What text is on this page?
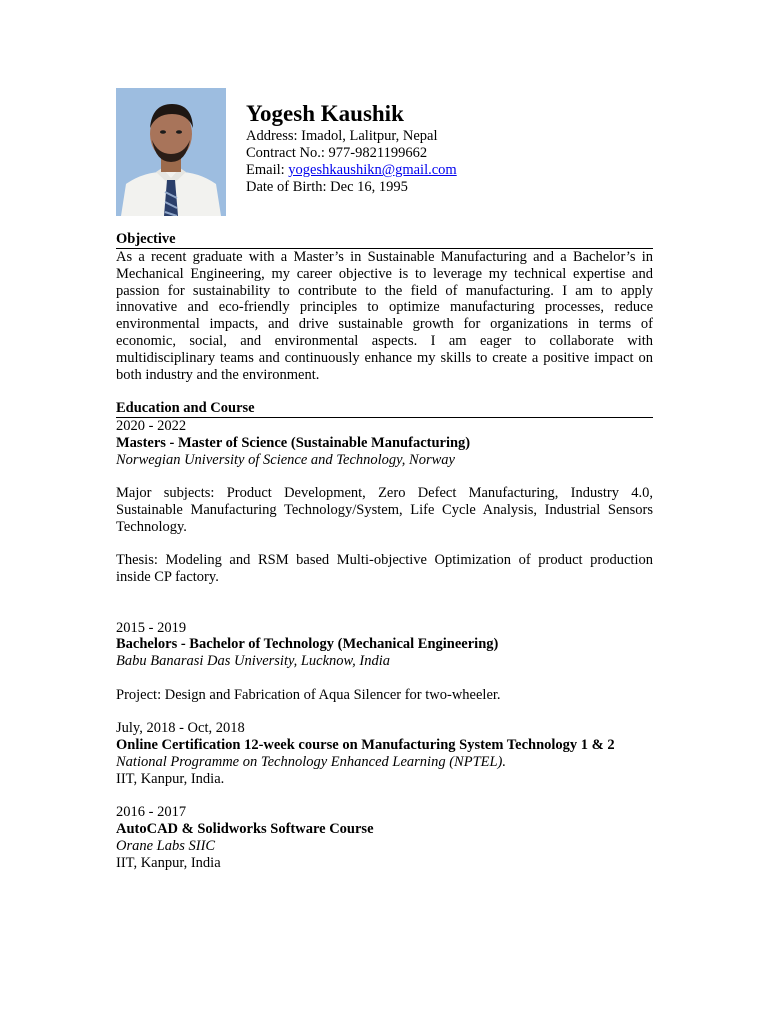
Yogesh Kaushik

Address: Imadol, Lalitpur, Nepal

Contract No.: 977-9821199662

Email: yogeshkaushikn@gmail.com

Date of Birth: Dec 16, 1995

Objective

As a recent graduate with a Master’s in Sustainable Manufacturing and a Bachelor’s in Mechanical Engineering, my career objective is to leverage my technical expertise and passion for sustainability to contribute to the field of manufacturing. I am to apply innovative and eco-friendly principles to optimize manufacturing processes, reduce environmental impacts, and drive sustainable growth for organizations in terms of economic, social, and environmental aspects. I am eager to collaborate with multidisciplinary teams and continuously enhance my skills to create a positive impact on both industry and the environment.

Education and Course

2020 - 2022

Masters - Master of Science (Sustainable Manufacturing)

Norwegian University of Science and Technology, Norway

Major subjects: Product Development, Zero Defect Manufacturing, Industry 4.0, Sustainable Manufacturing Technology/System, Life Cycle Analysis, Industrial Sensors Technology.

Thesis: Modeling and RSM based Multi-objective Optimization of product production inside CP factory.

2015 - 2019

Bachelors - Bachelor of Technology (Mechanical Engineering)

Babu Banarasi Das University, Lucknow, India

Project: Design and Fabrication of Aqua Silencer for two-wheeler.

July, 2018 - Oct, 2018

Online Certification 12-week course on Manufacturing System Technology 1 & 2

National Programme on Technology Enhanced Learning (NPTEL).

IIT, Kanpur, India.

2016 - 2017

AutoCAD & Solidworks Software Course

Orane Labs SIIC

IIT, Kanpur, India
